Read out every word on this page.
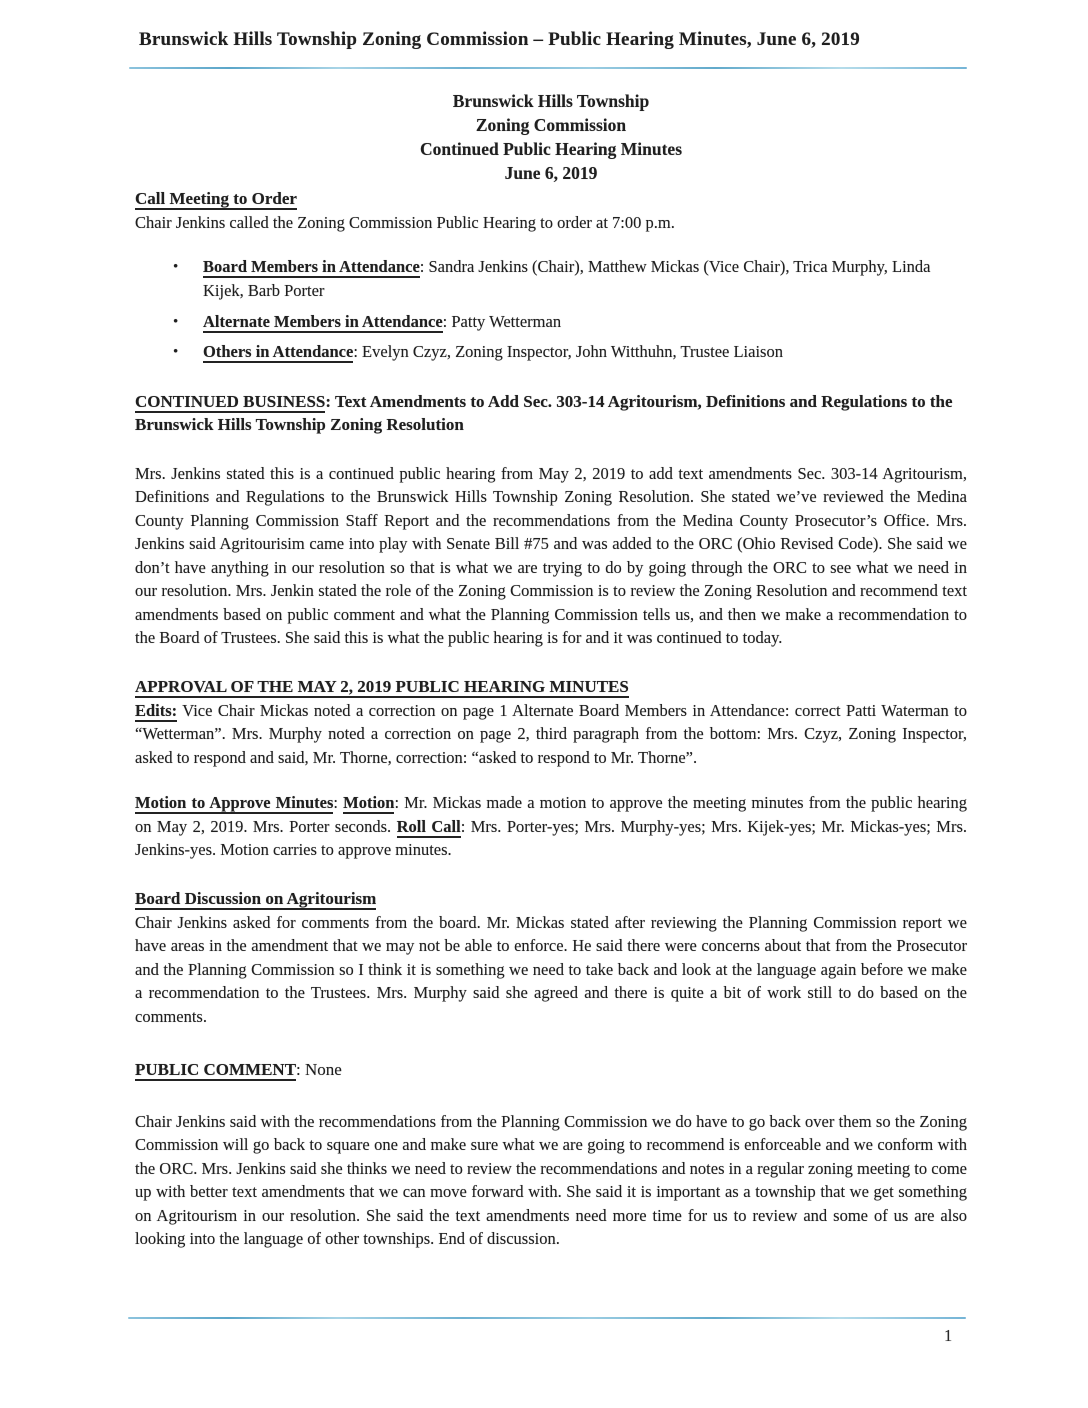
Brunswick Hills Township Zoning Commission – Public Hearing Minutes, June 6, 2019
Brunswick Hills Township
Zoning Commission
Continued Public Hearing Minutes
June 6, 2019
Call Meeting to Order

Chair Jenkins called the Zoning Commission Public Hearing to order at 7:00 p.m.

• Board Members in Attendance: Sandra Jenkins (Chair), Matthew Mickas (Vice Chair), Trica Murphy, Linda Kijek, Barb Porter
• Alternate Members in Attendance: Patty Wetterman
• Others in Attendance: Evelyn Czyz, Zoning Inspector, John Witthuhn, Trustee Liaison

CONTINUED BUSINESS: Text Amendments to Add Sec. 303-14 Agritourism, Definitions and Regulations to the Brunswick Hills Township Zoning Resolution

Mrs. Jenkins stated this is a continued public hearing from May 2, 2019 to add text amendments Sec. 303-14 Agritourism, Definitions and Regulations to the Brunswick Hills Township Zoning Resolution. She stated we’ve reviewed the Medina County Planning Commission Staff Report and the recommendations from the Medina County Prosecutor’s Office. Mrs. Jenkins said Agritourisim came into play with Senate Bill #75 and was added to the ORC (Ohio Revised Code). She said we don’t have anything in our resolution so that is what we are trying to do by going through the ORC to see what we need in our resolution. Mrs. Jenkin stated the role of the Zoning Commission is to review the Zoning Resolution and recommend text amendments based on public comment and what the Planning Commission tells us, and then we make a recommendation to the Board of Trustees. She said this is what the public hearing is for and it was continued to today.

APPROVAL OF THE MAY 2, 2019 PUBLIC HEARING MINUTES

Edits: Vice Chair Mickas noted a correction on page 1 Alternate Board Members in Attendance: correct Patti Waterman to “Wetterman”. Mrs. Murphy noted a correction on page 2, third paragraph from the bottom: Mrs. Czyz, Zoning Inspector, asked to respond and said, Mr. Thorne, correction: “asked to respond to Mr. Thorne”.

Motion to Approve Minutes: Motion: Mr. Mickas made a motion to approve the meeting minutes from the public hearing on May 2, 2019. Mrs. Porter seconds. Roll Call: Mrs. Porter-yes; Mrs. Murphy-yes; Mrs. Kijek-yes; Mr. Mickas-yes; Mrs. Jenkins-yes. Motion carries to approve minutes.

Board Discussion on Agritourism

Chair Jenkins asked for comments from the board. Mr. Mickas stated after reviewing the Planning Commission report we have areas in the amendment that we may not be able to enforce. He said there were concerns about that from the Prosecutor and the Planning Commission so I think it is something we need to take back and look at the language again before we make a recommendation to the Trustees. Mrs. Murphy said she agreed and there is quite a bit of work still to do based on the comments.

PUBLIC COMMENT: None

Chair Jenkins said with the recommendations from the Planning Commission we do have to go back over them so the Zoning Commission will go back to square one and make sure what we are going to recommend is enforceable and we conform with the ORC. Mrs. Jenkins said she thinks we need to review the recommendations and notes in a regular zoning meeting to come up with better text amendments that we can move forward with. She said it is important as a township that we get something on Agritourism in our resolution. She said the text amendments need more time for us to review and some of us are also looking into the language of other townships. End of discussion.

1
